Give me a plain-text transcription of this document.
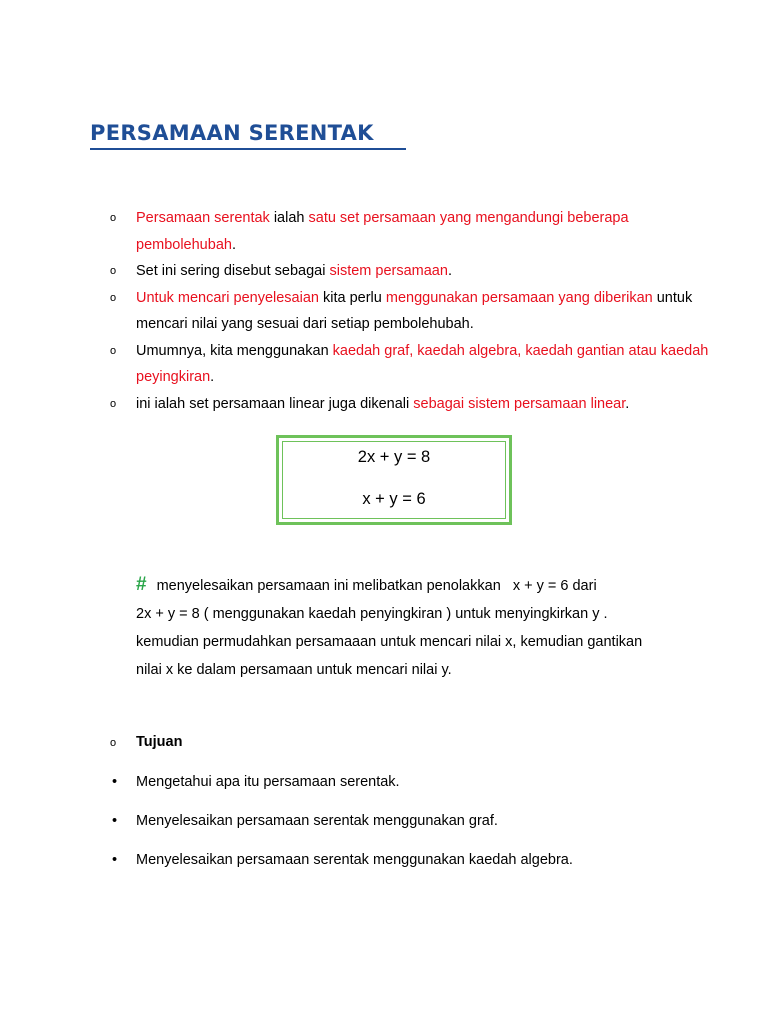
PERSAMAAN SERENTAK
o Persamaan serentak ialah satu set persamaan yang mengandungi beberapa pembolehubah.
o Set ini sering disebut sebagai sistem persamaan.
o Untuk mencari penyelesaian kita perlu menggunakan persamaan yang diberikan untuk mencari nilai yang sesuai dari setiap pembolehubah.
o Umumnya, kita menggunakan kaedah graf, kaedah algebra, kaedah gantian atau kaedah peyingkiran.
o ini ialah set persamaan linear juga dikenali sebagai sistem persamaan linear.
2x + y = 8
x + y = 6
# menyelesaikan persamaan ini melibatkan penolakkan   x + y = 6 dari
2x + y = 8 ( menggunakan kaedah penyingkiran ) untuk menyingkirkan y .
kemudian permudahkan persamaaan untuk mencari nilai x, kemudian gantikan
nilai x ke dalam persamaan untuk mencari nilai y.
o Tujuan
• Mengetahui apa itu persamaan serentak.
• Menyelesaikan persamaan serentak menggunakan graf.
• Menyelesaikan persamaan serentak menggunakan kaedah algebra.
